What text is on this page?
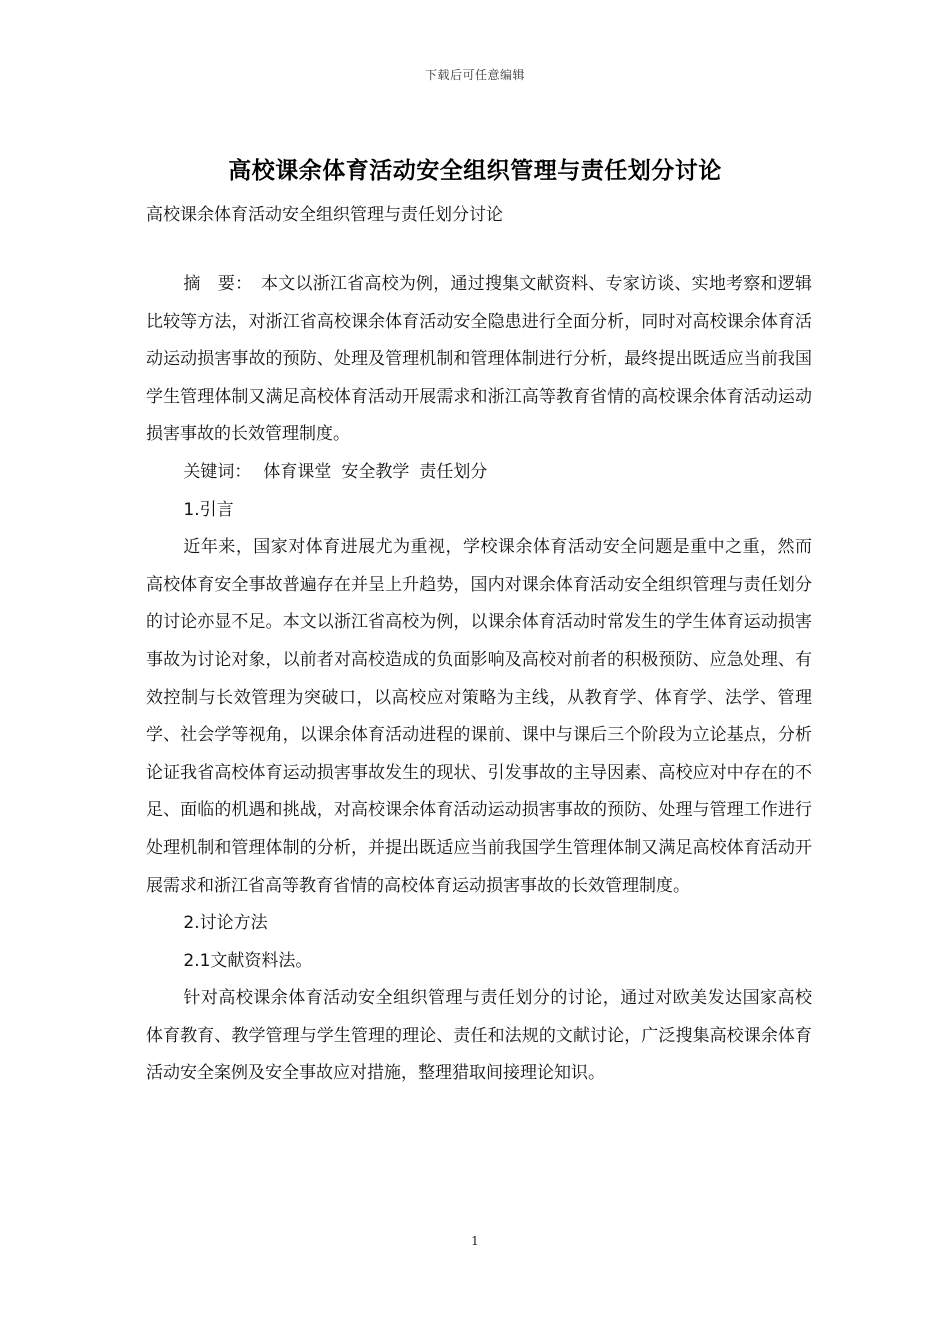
下载后可任意编辑
高校课余体育活动安全组织管理与责任划分讨论
高校课余体育活动安全组织管理与责任划分讨论

摘　要：　本文以浙江省高校为例，通过搜集文献资料、专家访谈、实地考察和逻辑比较等方法，对浙江省高校课余体育活动安全隐患进行全面分析，同时对高校课余体育活动运动损害事故的预防、处理及管理机制和管理体制进行分析，最终提出既适应当前我国学生管理体制又满足高校体育活动开展需求和浙江高等教育省情的高校课余体育活动运动损害事故的长效管理制度。

关键词： 体育课堂 安全教学 责任划分

1.引言

近年来，国家对体育进展尤为重视，学校课余体育活动安全问题是重中之重，然而高校体育安全事故普遍存在并呈上升趋势，国内对课余体育活动安全组织管理与责任划分的讨论亦显不足。本文以浙江省高校为例，以课余体育活动时常发生的学生体育运动损害事故为讨论对象，以前者对高校造成的负面影响及高校对前者的积极预防、应急处理、有效控制与长效管理为突破口，以高校应对策略为主线，从教育学、体育学、法学、管理学、社会学等视角，以课余体育活动进程的课前、课中与课后三个阶段为立论基点，分析论证我省高校体育运动损害事故发生的现状、引发事故的主导因素、高校应对中存在的不足、面临的机遇和挑战，对高校课余体育活动运动损害事故的预防、处理与管理工作进行处理机制和管理体制的分析，并提出既适应当前我国学生管理体制又满足高校体育活动开展需求和浙江省高等教育省情的高校体育运动损害事故的长效管理制度。

2.讨论方法

2.1文献资料法。

针对高校课余体育活动安全组织管理与责任划分的讨论，通过对欧美发达国家高校体育教育、教学管理与学生管理的理论、责任和法规的文献讨论，广泛搜集高校课余体育活动安全案例及安全事故应对措施，整理猎取间接理论知识。

1
